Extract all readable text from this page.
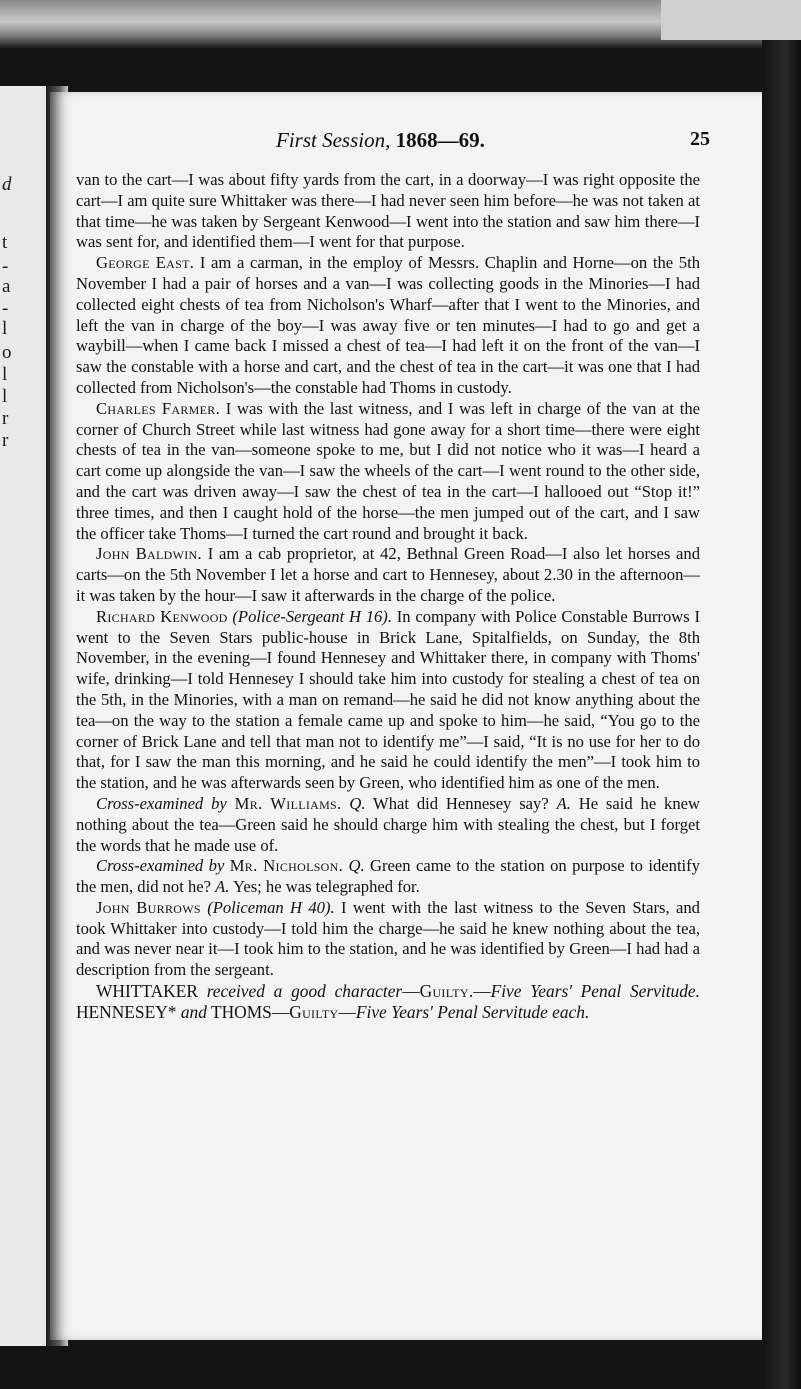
d
t
-
a
-
l
o
l
l
r
r
First Session, 1868—69.	25

van to the cart—I was about fifty yards from the cart, in a doorway—I was right opposite the cart—I am quite sure Whittaker was there—I had never seen him before—he was not taken at that time—he was taken by Sergeant Kenwood—I went into the station and saw him there—I was sent for, and identified them—I went for that purpose.

George East. I am a carman, in the employ of Messrs. Chaplin and Horne—on the 5th November I had a pair of horses and a van—I was collecting goods in the Minories—I had collected eight chests of tea from Nicholson's Wharf—after that I went to the Minories, and left the van in charge of the boy—I was away five or ten minutes—I had to go and get a waybill—when I came back I missed a chest of tea—I had left it on the front of the van—I saw the constable with a horse and cart, and the chest of tea in the cart—it was one that I had collected from Nicholson's—the constable had Thoms in custody.

Charles Farmer. I was with the last witness, and I was left in charge of the van at the corner of Church Street while last witness had gone away for a short time—there were eight chests of tea in the van—someone spoke to me, but I did not notice who it was—I heard a cart come up alongside the van—I saw the wheels of the cart—I went round to the other side, and the cart was driven away—I saw the chest of tea in the cart—I hallooed out “Stop it!” three times, and then I caught hold of the horse—the men jumped out of the cart, and I saw the officer take Thoms—I turned the cart round and brought it back.

John Baldwin. I am a cab proprietor, at 42, Bethnal Green Road—I also let horses and carts—on the 5th November I let a horse and cart to Hennesey, about 2.30 in the afternoon—it was taken by the hour—I saw it afterwards in the charge of the police.

Richard Kenwood (Police-Sergeant H 16). In company with Police Constable Burrows I went to the Seven Stars public-house in Brick Lane, Spitalfields, on Sunday, the 8th November, in the evening—I found Hennesey and Whittaker there, in company with Thoms' wife, drinking—I told Hennesey I should take him into custody for stealing a chest of tea on the 5th, in the Minories, with a man on remand—he said he did not know anything about the tea—on the way to the station a female came up and spoke to him—he said, “You go to the corner of Brick Lane and tell that man not to identify me”—I said, “It is no use for her to do that, for I saw the man this morning, and he said he could identify the men”—I took him to the station, and he was afterwards seen by Green, who identified him as one of the men.

Cross-examined by Mr. Williams. Q. What did Hennesey say? A. He said he knew nothing about the tea—Green said he should charge him with stealing the chest, but I forget the words that he made use of.

Cross-examined by Mr. Nicholson. Q. Green came to the station on purpose to identify the men, did not he? A. Yes; he was telegraphed for.

John Burrows (Policeman H 40). I went with the last witness to the Seven Stars, and took Whittaker into custody—I told him the charge—he said he knew nothing about the tea, and was never near it—I took him to the station, and he was identified by Green—I had had a description from the sergeant.

WHITTAKER received a good character—Guilty.—Five Years' Penal Servitude. HENNESEY* and THOMS—Guilty—Five Years' Penal Servitude each.
